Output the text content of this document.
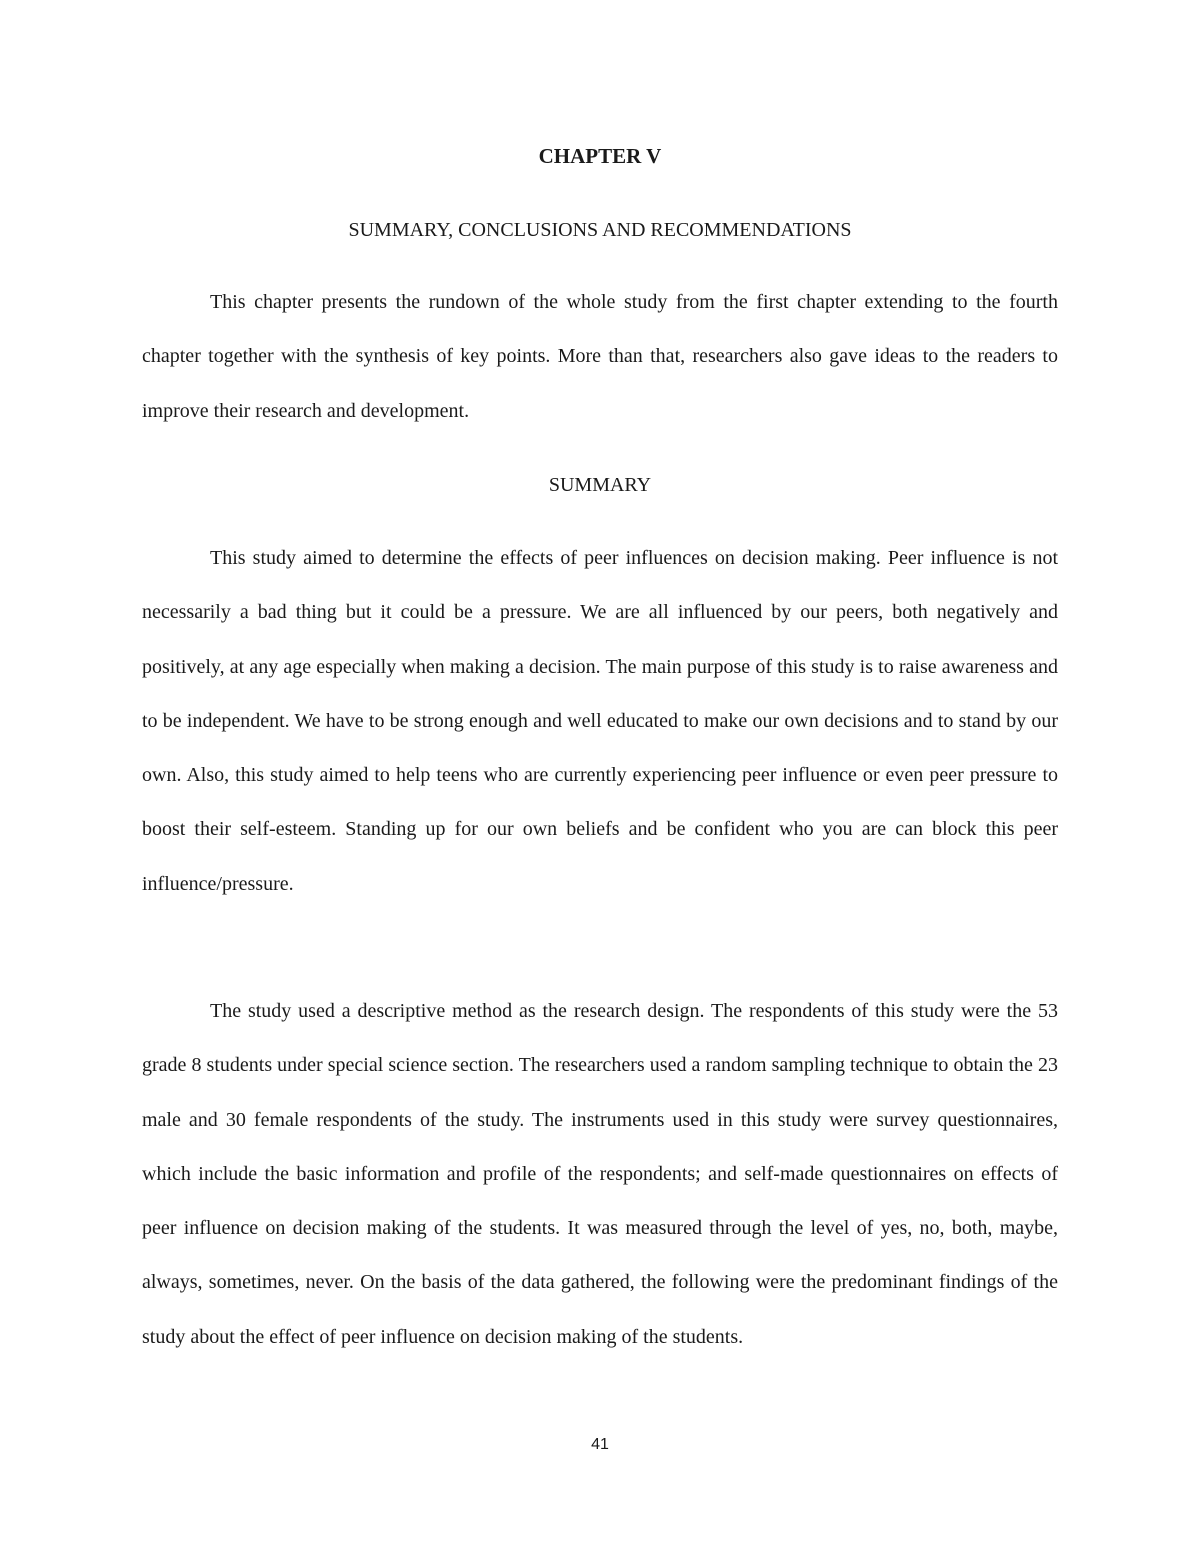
CHAPTER V
SUMMARY, CONCLUSIONS AND RECOMMENDATIONS

This chapter presents the rundown of the whole study from the first chapter extending to the fourth chapter together with the synthesis of key points. More than that, researchers also gave ideas to the readers to improve their research and development.

SUMMARY

This study aimed to determine the effects of peer influences on decision making. Peer influence is not necessarily a bad thing but it could be a pressure. We are all influenced by our peers, both negatively and positively, at any age especially when making a decision. The main purpose of this study is to raise awareness and to be independent. We have to be strong enough and well educated to make our own decisions and to stand by our own. Also, this study aimed to help teens who are currently experiencing peer influence or even peer pressure to boost their self-esteem. Standing up for our own beliefs and be confident who you are can block this peer influence/pressure.

The study used a descriptive method as the research design. The respondents of this study were the 53 grade 8 students under special science section. The researchers used a random sampling technique to obtain the 23 male and 30 female respondents of the study. The instruments used in this study were survey questionnaires, which include the basic information and profile of the respondents; and self-made questionnaires on effects of peer influence on decision making of the students. It was measured through the level of yes, no, both, maybe, always, sometimes, never. On the basis of the data gathered, the following were the predominant findings of the study about the effect of peer influence on decision making of the students.

41
